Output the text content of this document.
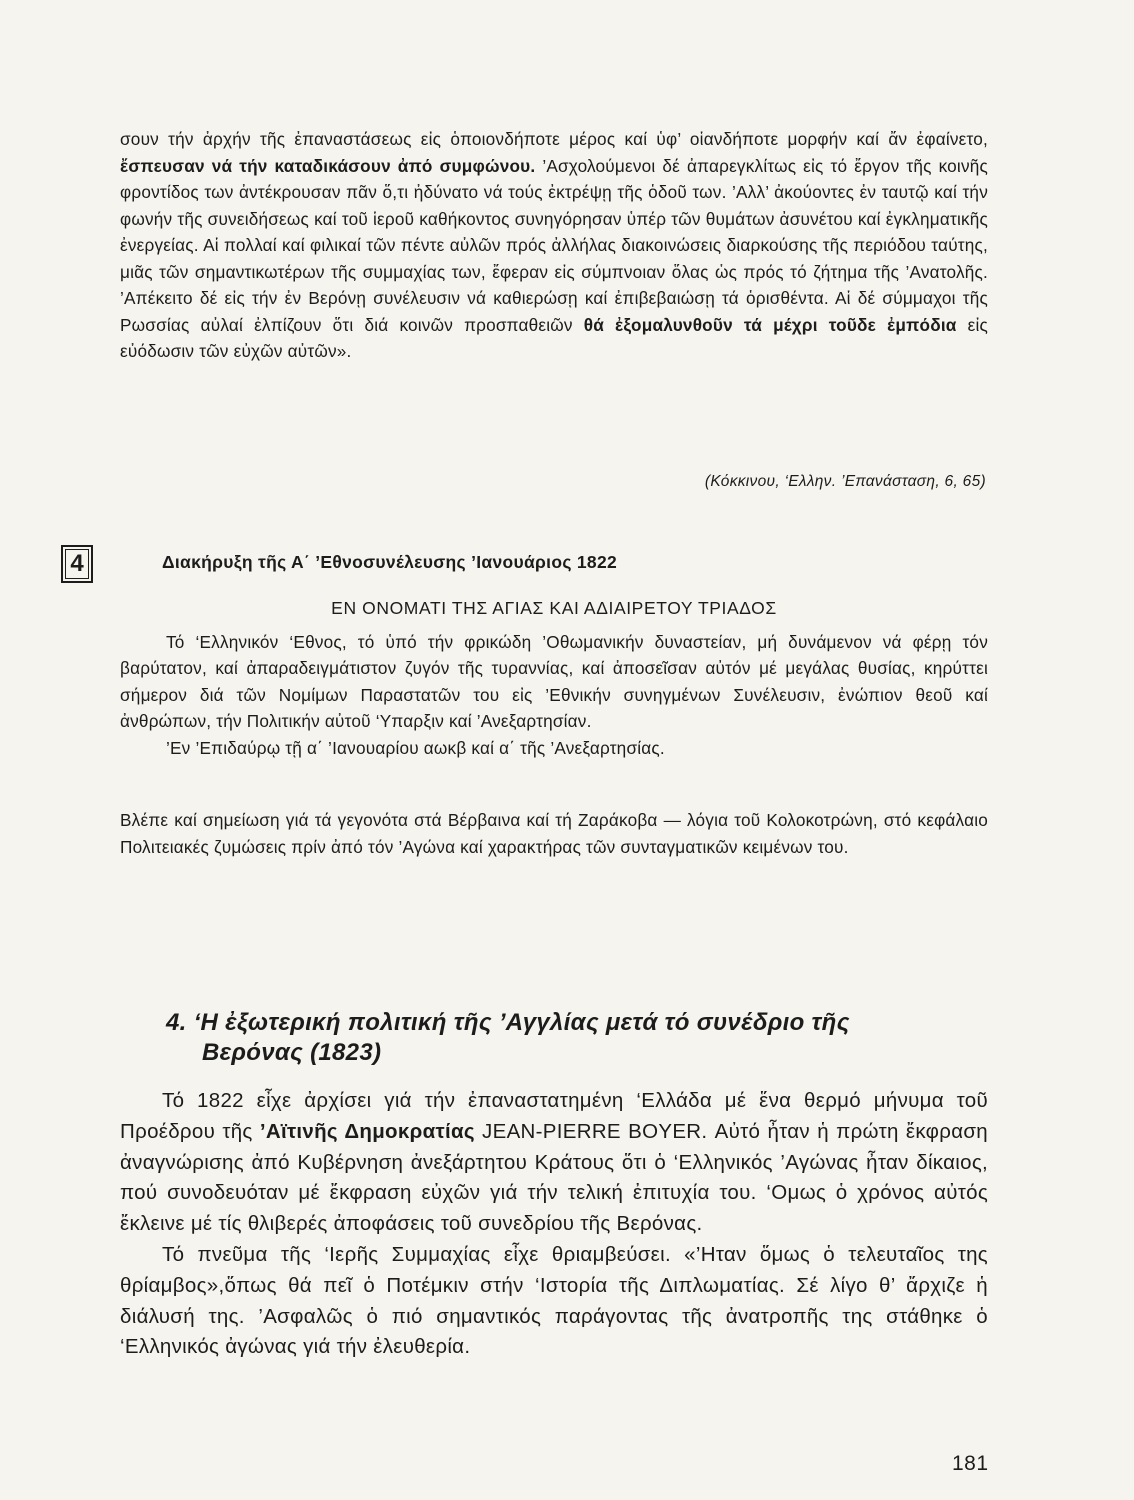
σουν τήν ἀρχήν τῆς ἐπαναστάσεως εἰς ὁποιονδήποτε μέρος καί ὑφ’ οἱανδήποτε μορφήν καί ἄν ἐφαίνετο, ἔσπευσαν νά τήν καταδικάσουν ἀπό συμφώνου. ’Ασχολούμενοι δέ ἀπαρεγκλίτως εἰς τό ἔργον τῆς κοινῆς φροντίδος των ἀντέκρουσαν πᾶν ὅ,τι ἠδύνατο νά τούς ἐκτρέψῃ τῆς ὁδοῦ των. ’Αλλ’ ἀκούοντες ἐν ταυτῷ καί τήν φωνήν τῆς συνειδήσεως καί τοῦ ἱεροῦ καθήκοντος συνηγόρησαν ὑπέρ τῶν θυμάτων ἀσυνέτου καί ἐγκληματικῆς ἐνεργείας. Αἱ πολλαί καί φιλικαί τῶν πέντε αὐλῶν πρός ἀλλήλας διακοινώσεις διαρκούσης τῆς περιόδου ταύτης, μιᾶς τῶν σημαντικωτέρων τῆς συμμαχίας των, ἔφεραν εἰς σύμπνοιαν ὅλας ὡς πρός τό ζήτημα τῆς ’Ανατολῆς. ’Απέκειτο δέ εἰς τήν ἐν Βερόνῃ συνέλευσιν νά καθιερώσῃ καί ἐπιβεβαιώσῃ τά ὁρισθέντα. Αἱ δέ σύμμαχοι τῆς Ρωσσίας αὐλαί ἐλπίζουν ὅτι διά κοινῶν προσπαθειῶν θά ἐξομαλυνθοῦν τά μέχρι τοῦδε ἐμπόδια εἰς εὐόδωσιν τῶν εὐχῶν αὐτῶν».

(Κόκκινου, ‘Ελλην. ’Επανάσταση, 6, 65)
4	Διακήρυξη τῆς Α΄ ’Εθνοσυνέλευσης ’Ιανουάριος 1822

ΕΝ ΟΝΟΜΑΤΙ ΤΗΣ ΑΓΙΑΣ ΚΑΙ ΑΔΙΑΙΡΕΤΟΥ ΤΡΙΑΔΟΣ

Τό ‘Ελληνικόν ‘Εθνος, τό ὑπό τήν φρικώδη ’Οθωμανικήν δυναστείαν, μή δυνάμενον νά φέρῃ τόν βαρύτατον, καί ἀπαραδειγμάτιστον ζυγόν τῆς τυραννίας, καί ἀποσεῖσαν αὐτόν μέ μεγάλας θυσίας, κηρύττει σήμερον διά τῶν Νομίμων Παραστατῶν του εἰς ’Εθνικήν συνηγμένων Συνέλευσιν, ἐνώπιον θεοῦ καί ἀνθρώπων, τήν Πολιτικήν αὐτοῦ ‘Υπαρξιν καί ’Ανεξαρτησίαν.

’Εν ’Επιδαύρῳ τῇ α΄ ’Ιανουαρίου αωκβ καί α΄ τῆς ’Ανεξαρτησίας.

Βλέπε καί σημείωση γιά τά γεγονότα στά Βέρβαινα καί τή Ζαράκοβα — λόγια τοῦ Κολοκοτρώνη, στό κεφάλαιο Πολιτειακές ζυμώσεις πρίν ἀπό τόν ’Αγώνα καί χαρακτήρας τῶν συνταγματικῶν κειμένων του.

4. ‘Η ἐξωτερική πολιτική τῆς ’Αγγλίας μετά τό συνέδριο τῆς
Βερόνας (1823)

Τό 1822 εἶχε ἀρχίσει γιά τήν ἐπαναστατημένη ‘Ελλάδα μέ ἕνα θερμό μήνυμα τοῦ Προέδρου τῆς ’Αϊτινῆς Δημοκρατίας JEAN-PIERRE BOYER. Αὐτό ἦταν ἡ πρώτη ἔκφραση ἀναγνώρισης ἀπό Κυβέρνηση ἀνεξάρτητου Κράτους ὅτι ὁ ‘Ελληνικός ’Αγώνας ἦταν δίκαιος, πού συνοδευόταν μέ ἔκφραση εὐχῶν γιά τήν τελική ἐπιτυχία του. ‘Ομως ὁ χρόνος αὐτός ἔκλεινε μέ τίς θλιβερές ἀποφάσεις τοῦ συνεδρίου τῆς Βερόνας.

Τό πνεῦμα τῆς ‘Ιερῆς Συμμαχίας εἶχε θριαμβεύσει. «’Ηταν ὅμως ὁ τελευταῖος της θρίαμβος»,ὅπως θά πεῖ ὁ Ποτέμκιν στήν ‘Ιστορία τῆς Διπλωματίας. Σέ λίγο θ’ ἄρχιζε ἡ διάλυσή της. ’Ασφαλῶς ὁ πιό σημαντικός παράγοντας τῆς ἀνατροπῆς της στάθηκε ὁ ‘Ελληνικός ἀγώνας γιά τήν ἐλευθερία.

181
